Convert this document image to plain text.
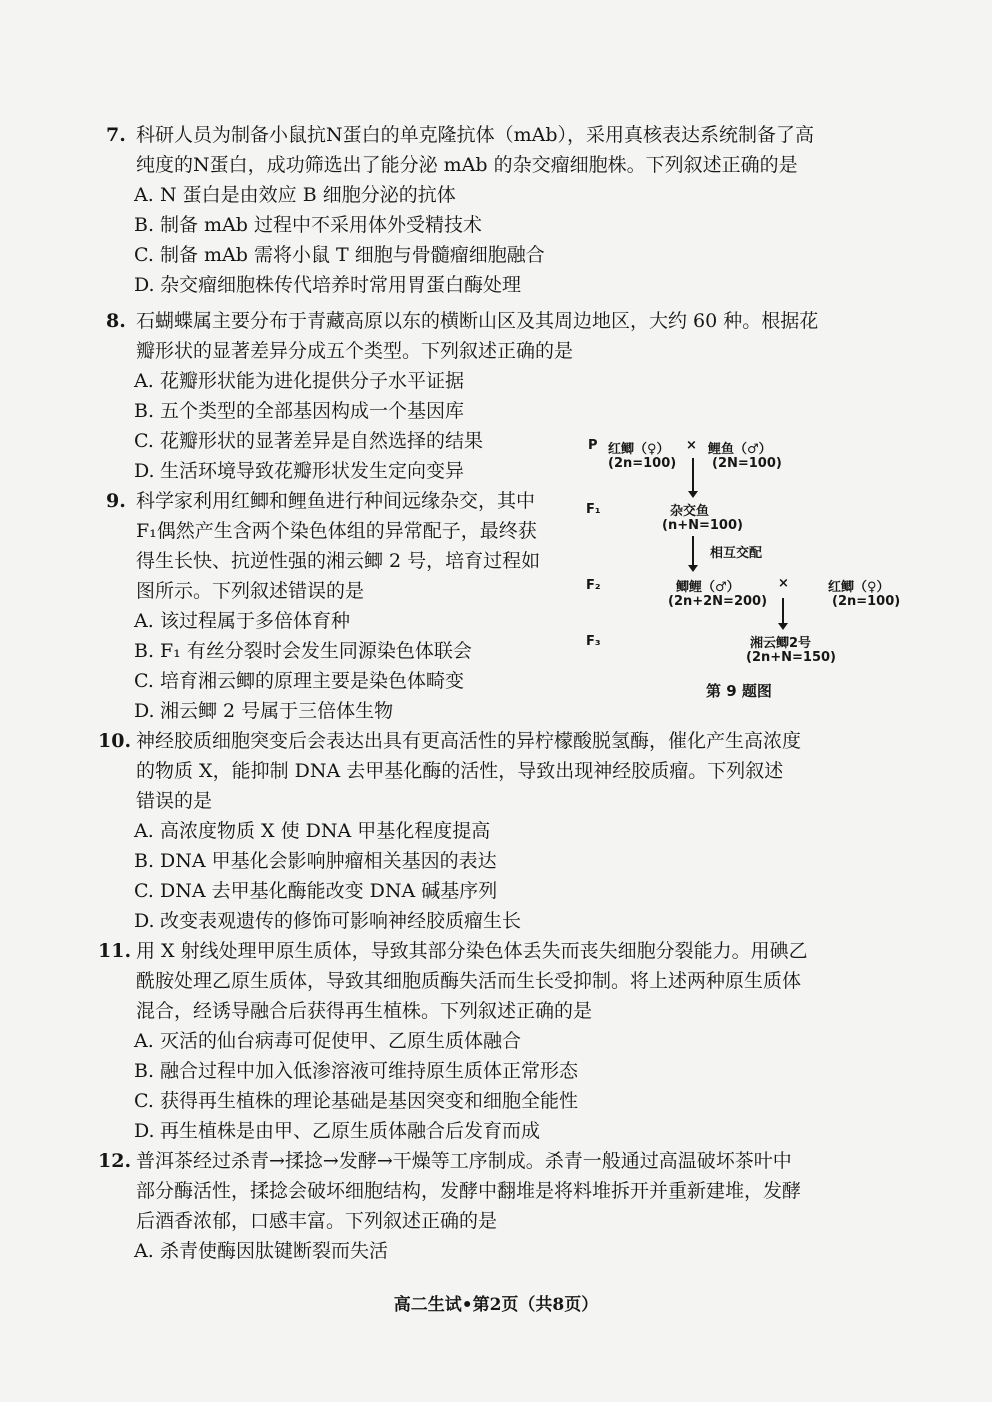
7. 科研人员为制备小鼠抗N蛋白的单克隆抗体（mAb），采用真核表达系统制备了高
纯度的N蛋白，成功筛选出了能分泌 mAb 的杂交瘤细胞株。下列叙述正确的是
A. N 蛋白是由效应 B 细胞分泌的抗体
B. 制备 mAb 过程中不采用体外受精技术
C. 制备 mAb 需将小鼠 T 细胞与骨髓瘤细胞融合
D. 杂交瘤细胞株传代培养时常用胃蛋白酶处理
8. 石蝴蝶属主要分布于青藏高原以东的横断山区及其周边地区，大约 60 种。根据花
瓣形状的显著差异分成五个类型。下列叙述正确的是
A. 花瓣形状能为进化提供分子水平证据
B. 五个类型的全部基因构成一个基因库
C. 花瓣形状的显著差异是自然选择的结果
D. 生活环境导致花瓣形状发生定向变异
9. 科学家利用红鲫和鲤鱼进行种间远缘杂交，其中
F₁偶然产生含两个染色体组的异常配子，最终获
得生长快、抗逆性强的湘云鲫 2 号，培育过程如
图所示。下列叙述错误的是
A. 该过程属于多倍体育种
B. F₁ 有丝分裂时会发生同源染色体联会
C. 培育湘云鲫的原理主要是染色体畸变
D. 湘云鲫 2 号属于三倍体生物
P 红鲫（♀） × 鲤鱼（♂）
(2n=100)	(2N=100)
F₁	杂交鱼
(n+N=100)
相互交配
F₂	鲫鲤（♂）	×	红鲫（♀）
(2n+2N=200)	(2n=100)
F₃	湘云鲫2号
(2n+N=150)
第 9 题图
10. 神经胶质细胞突变后会表达出具有更高活性的异柠檬酸脱氢酶，催化产生高浓度
的物质 X，能抑制 DNA 去甲基化酶的活性，导致出现神经胶质瘤。下列叙述
错误的是
A. 高浓度物质 X 使 DNA 甲基化程度提高
B. DNA 甲基化会影响肿瘤相关基因的表达
C. DNA 去甲基化酶能改变 DNA 碱基序列
D. 改变表观遗传的修饰可影响神经胶质瘤生长
11. 用 X 射线处理甲原生质体，导致其部分染色体丢失而丧失细胞分裂能力。用碘乙
酰胺处理乙原生质体，导致其细胞质酶失活而生长受抑制。将上述两种原生质体
混合，经诱导融合后获得再生植株。下列叙述正确的是
A. 灭活的仙台病毒可促使甲、乙原生质体融合
B. 融合过程中加入低渗溶液可维持原生质体正常形态
C. 获得再生植株的理论基础是基因突变和细胞全能性
D. 再生植株是由甲、乙原生质体融合后发育而成
12. 普洱茶经过杀青→揉捻→发酵→干燥等工序制成。杀青一般通过高温破坏茶叶中
部分酶活性，揉捻会破坏细胞结构，发酵中翻堆是将料堆拆开并重新建堆，发酵
后酒香浓郁，口感丰富。下列叙述正确的是
A. 杀青使酶因肽键断裂而失活
高二生试•第2页（共8页）
